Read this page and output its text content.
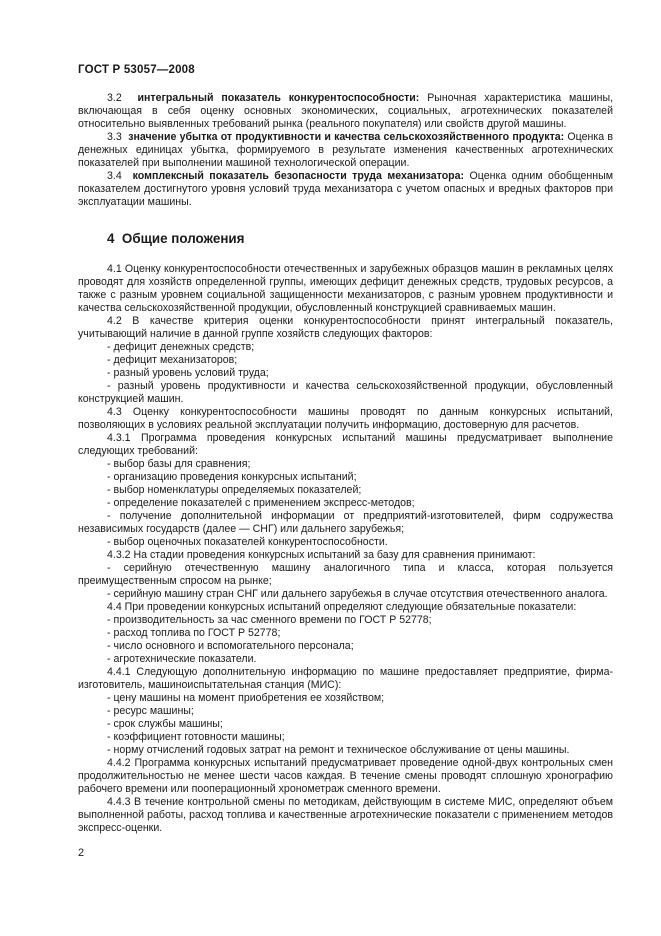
ГОСТ Р 53057—2008

3.2 интегральный показатель конкурентоспособности: Рыночная характеристика машины, включающая в себя оценку основных экономических, социальных, агротехнических показателей относительно выявленных требований рынка (реального покупателя) или свойств другой машины.

3.3 значение убытка от продуктивности и качества сельскохозяйственного продукта: Оценка в денежных единицах убытка, формируемого в результате изменения качественных агротехнических показателей при выполнении машиной технологической операции.

3.4 комплексный показатель безопасности труда механизатора: Оценка одним обобщенным показателем достигнутого уровня условий труда механизатора с учетом опасных и вредных факторов при эксплуатации машины.

4 Общие положения

4.1 Оценку конкурентоспособности отечественных и зарубежных образцов машин в рекламных целях проводят для хозяйств определенной группы, имеющих дефицит денежных средств, трудовых ресурсов, а также с разным уровнем социальной защищенности механизаторов, с разным уровнем продуктивности и качества сельскохозяйственной продукции, обусловленный конструкцией сравниваемых машин.

4.2 В качестве критерия оценки конкурентоспособности принят интегральный показатель, учитывающий наличие в данной группе хозяйств следующих факторов:

- дефицит денежных средств;

- дефицит механизаторов;

- разный уровень условий труда;

- разный уровень продуктивности и качества сельскохозяйственной продукции, обусловленный конструкцией машин.

4.3 Оценку конкурентоспособности машины проводят по данным конкурсных испытаний, позволяющих в условиях реальной эксплуатации получить информацию, достоверную для расчетов.

4.3.1 Программа проведения конкурсных испытаний машины предусматривает выполнение следующих требований:

- выбор базы для сравнения;

- организацию проведения конкурсных испытаний;

- выбор номенклатуры определяемых показателей;

- определение показателей с применением экспресс-методов;

- получение дополнительной информации от предприятий-изготовителей, фирм содружества независимых государств (далее — СНГ) или дальнего зарубежья;

- выбор оценочных показателей конкурентоспособности.

4.3.2 На стадии проведения конкурсных испытаний за базу для сравнения принимают:

- серийную отечественную машину аналогичного типа и класса, которая пользуется преимущественным спросом на рынке;

- серийную машину стран СНГ или дальнего зарубежья в случае отсутствия отечественного аналога.

4.4 При проведении конкурсных испытаний определяют следующие обязательные показатели:

- производительность за час сменного времени по ГОСТ Р 52778;

- расход топлива по ГОСТ Р 52778;

- число основного и вспомогательного персонала;

- агротехнические показатели.

4.4.1 Следующую дополнительную информацию по машине предоставляет предприятие, фирма-изготовитель, машиноиспытательная станция (МИС):

- цену машины на момент приобретения ее хозяйством;

- ресурс машины;

- срок службы машины;

- коэффициент готовности машины;

- норму отчислений годовых затрат на ремонт и техническое обслуживание от цены машины.

4.4.2 Программа конкурсных испытаний предусматривает проведение одной-двух контрольных смен продолжительностью не менее шести часов каждая. В течение смены проводят сплошную хронографию рабочего времени или пооперационный хронометраж сменного времени.

4.4.3 В течение контрольной смены по методикам, действующим в системе МИС, определяют объем выполненной работы, расход топлива и качественные агротехнические показатели с применением методов экспресс-оценки.

2
